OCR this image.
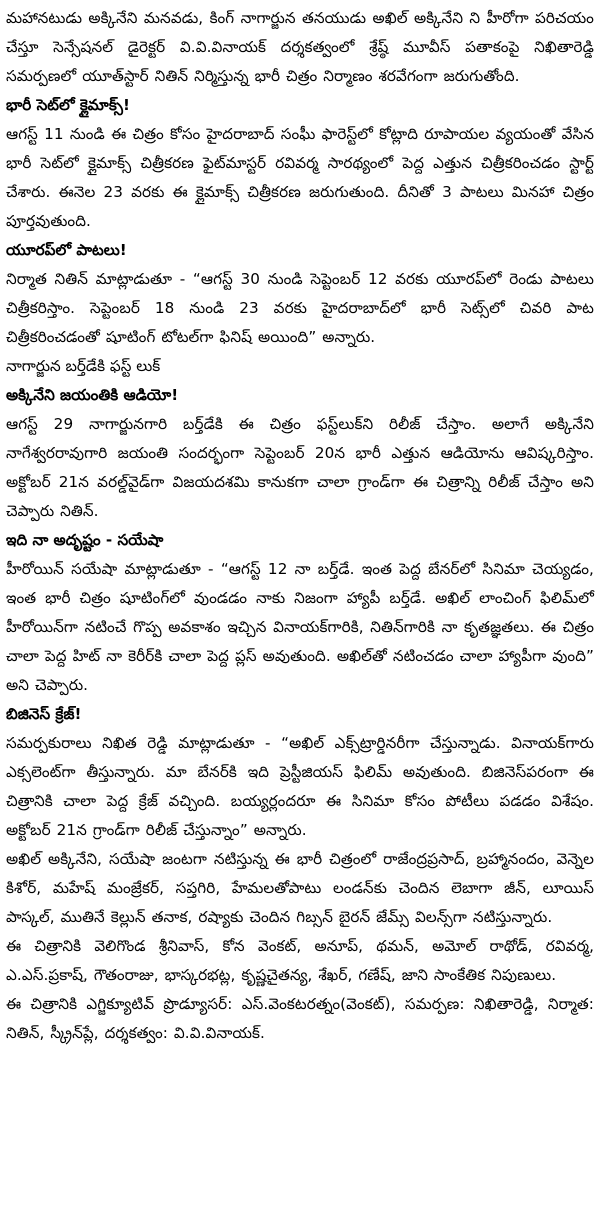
మహానటుడు అక్కినేని మనవడు, కింగ్ నాగార్జున తనయుడు అఖిల్ అక్కినేని ని హీరోగా పరిచయం చేస్తూ సెన్సేషనల్ డైరెక్టర్ వి.వి.వినాయక్ దర్శకత్వంలో శ్రేష్ఠ్ మూవీస్ పతాకంపై నిఖితారెడ్డి సమర్పణలో యూత్‌స్టార్ నితిన్ నిర్మిస్తున్న భారీ చిత్రం నిర్మాణం శరవేగంగా జరుగుతోంది.

భారీ సెట్‌లో క్లైమాక్స్!

ఆగస్ట్ 11 నుండి ఈ చిత్రం కోసం హైదరాబాద్ సంఘీ ఫారెస్ట్‌లో కోట్లాది రూపాయల వ్యయంతో వేసిన భారీ సెట్‌లో క్లైమాక్స్ చిత్రీకరణ ఫైట్‌మాస్టర్ రవివర్మ సారథ్యంలో పెద్ద ఎత్తున చిత్రీకరించడం స్టార్ట్ చేశారు. ఈనెల 23 వరకు ఈ క్లైమాక్స్ చిత్రీకరణ జరుగుతుంది. దీనితో 3 పాటలు మినహా చిత్రం పూర్తవుతుంది.

యూరప్‌లో పాటలు!

నిర్మాత నితిన్ మాట్లాడుతూ - “ఆగస్ట్ 30 నుండి సెప్టెంబర్ 12 వరకు యూరప్‌లో రెండు పాటలు చిత్రీకరిస్తాం. సెప్టెంబర్ 18 నుండి 23 వరకు హైదరాబాద్‌లో భారీ సెట్స్‌లో చివరి పాట చిత్రీకరించడంతో షూటింగ్ టోటల్‌గా ఫినిష్ అయింది” అన్నారు.

నాగార్జున బర్త్‌డేకి ఫస్ట్ లుక్

అక్కినేని జయంతికి ఆడియో!

ఆగస్ట్ 29 నాగార్జునగారి బర్త్‌డేకి ఈ చిత్రం ఫస్ట్‌లుక్‌ని రిలీజ్ చేస్తాం. అలాగే అక్కినేని నాగేశ్వరరావుగారి జయంతి సందర్భంగా సెప్టెంబర్ 20న భారీ ఎత్తున ఆడియోను ఆవిష్కరిస్తాం. అక్టోబర్ 21న వరల్డ్‌వైడ్‌గా విజయదశమి కానుకగా చాలా గ్రాండ్‌గా ఈ చిత్రాన్ని రిలీజ్ చేస్తాం అని చెప్పారు నితిన్.

ఇది నా అదృష్టం - సయేషా

హీరోయిన్ సయేషా మాట్లాడుతూ - “ఆగస్ట్ 12 నా బర్త్‌డే. ఇంత పెద్ద బేనర్‌లో సినిమా చెయ్యడం, ఇంత భారీ చిత్రం షూటింగ్‌లో వుండడం నాకు నిజంగా హ్యాపీ బర్త్‌డే. అఖిల్ లాంచింగ్ ఫిలిమ్‌లో హీరోయిన్‌గా నటించే గొప్ప అవకాశం ఇచ్చిన వినాయక్‌గారికి, నితిన్‌గారికి నా కృతజ్ఞతలు. ఈ చిత్రం చాలా పెద్ద హిట్ నా కెరీర్‌కి చాలా పెద్ద ప్లస్ అవుతుంది. అఖిల్‌తో నటించడం చాలా హ్యాపీగా వుంది” అని చెప్పారు.

బిజినెస్ క్రేజ్!

సమర్పకురాలు నిఖిత రెడ్డి మాట్లాడుతూ - “అఖిల్ ఎక్స్‌ట్రార్డినరీగా చేస్తున్నాడు. వినాయక్‌గారు ఎక్సలెంట్‌గా తీస్తున్నారు. మా బేనర్‌కి ఇది ప్రెస్టీజియస్ ఫిలిమ్ అవుతుంది. బిజినెస్‌పరంగా ఈ చిత్రానికి చాలా పెద్ద క్రేజ్ వచ్చింది. బయ్యర్లందరూ ఈ సినిమా కోసం పోటీలు పడడం విశేషం. అక్టోబర్ 21న గ్రాండ్‌గా రిలీజ్ చేస్తున్నాం” అన్నారు.

అఖిల్ అక్కినేని, సయేషా జంటగా నటిస్తున్న ఈ భారీ చిత్రంలో రాజేంద్రప్రసాద్, బ్రహ్మానందం, వెన్నెల కిశోర్, మహేష్ మంజ్రేకర్, సప్తగిరి, హేమలతోపాటు లండన్‌కు చెందిన లెబాగా జీన్, లూయిస్ పాస్కల్, ముతినే కెల్లున్ తనాక, రష్యాకు చెందిన గిబ్సన్ బైరన్ జేమ్స్ విలన్స్‌గా నటిస్తున్నారు.

ఈ చిత్రానికి వెలిగొండ శ్రీనివాస్, కోన వెంకట్, అనూప్, థమన్, అమోల్ రాథోడ్, రవివర్మ, ఎ.ఎస్.ప్రకాష్, గౌతంరాజు, భాస్కరభట్ల, కృష్ణచైతన్య, శేఖర్, గణేష్, జాని సాంకేతిక నిపుణులు.

ఈ చిత్రానికి ఎగ్జిక్యూటివ్ ప్రొడ్యూసర్: ఎస్.వెంకటరత్నం(వెంకట్), సమర్పణ: నిఖితారెడ్డి, నిర్మాత: నితిన్, స్క్రీన్‌ప్లే, దర్శకత్వం: వి.వి.వినాయక్.
